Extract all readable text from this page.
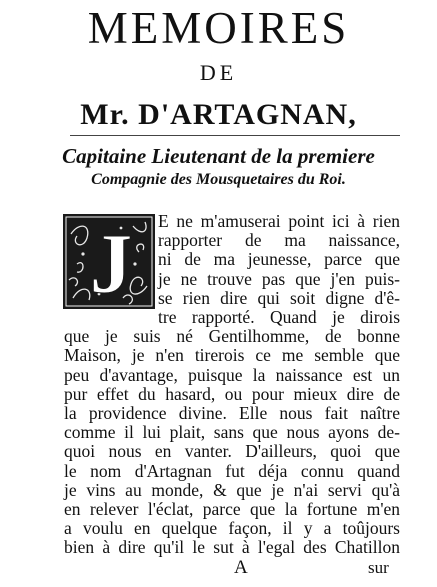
MEMOIRES
DE
Mr. D'ARTAGNAN,
Capitaine Lieutenant de la premiere
Compagnie des Mousquetaires du Roi.
J E ne m'amuserai point ici à rien
rapporter de ma naissance,
ni de ma jeunesse, parce que
je ne trouve pas que j'en puis-
se rien dire qui soit digne d'ê-
tre rapporté. Quand je dirois
que je suis né Gentilhomme, de bonne
Maison, je n'en tirerois ce me semble que
peu d'avantage, puisque la naissance est un
pur effet du hasard, ou pour mieux dire de
la providence divine. Elle nous fait naître
comme il lui plait, sans que nous ayons de-
quoi nous en vanter. D'ailleurs, quoi que
le nom d'Artagnan fut déja connu quand
je vins au monde, & que je n'ai servi qu'à
en relever l'éclat, parce que la fortune m'en
a voulu en quelque façon, il y a toûjours
bien à dire qu'il le sut à l'egal des Chatillon
A	sur
